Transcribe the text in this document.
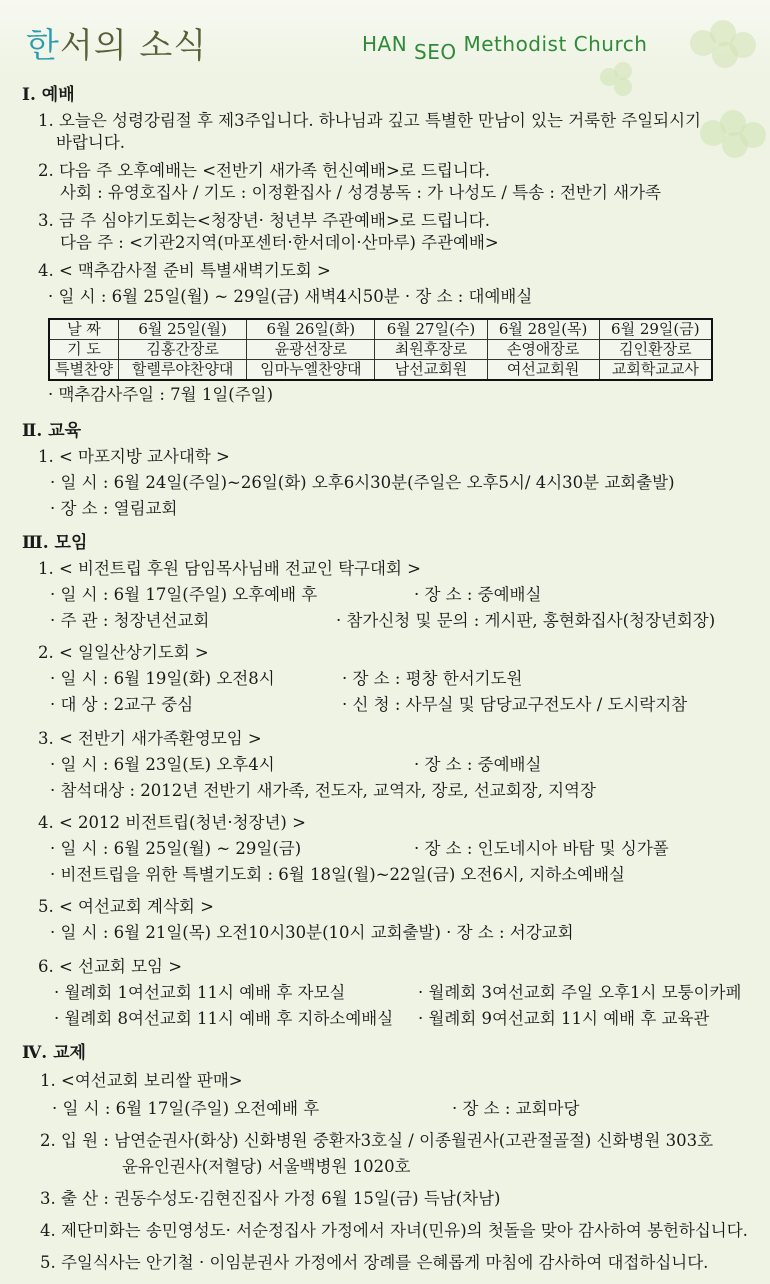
한서의 소식	HAN SEO Methodist Church
Ⅰ. 예배
1. 오늘은 성령강림절 후 제3주입니다. 하나님과 깊고 특별한 만남이 있는 거룩한 주일되시기
바랍니다.
2. 다음 주 오후예배는 <전반기 새가족 헌신예배>로 드립니다.
사회 : 유영호집사 / 기도 : 이정환집사 / 성경봉독 : 가 나성도 / 특송 : 전반기 새가족
3. 금 주 심야기도회는<청장년· 청년부 주관예배>로 드립니다.
다음 주 : <기관2지역(마포센터·한서데이·산마루) 주관예배>
4. < 맥추감사절 준비 특별새벽기도회 >
· 일 시 : 6월 25일(월) ~ 29일(금) 새벽4시50분 · 장 소 : 대예배실
날 짜	6월 25일(월)	6월 26일(화)	6월 27일(수)	6월 28일(목)	6월 29일(금)
기 도	김홍간장로	윤광선장로	최원후장로	손영애장로	김인환장로
특별찬양	할렐루야찬양대	임마누엘찬양대	남선교회원	여선교회원	교회학교교사
· 맥추감사주일 : 7월 1일(주일)
Ⅱ. 교육
1. < 마포지방 교사대학 >
· 일 시 : 6월 24일(주일)~26일(화) 오후6시30분(주일은 오후5시/ 4시30분 교회출발)
· 장 소 : 열림교회
Ⅲ. 모임
1. < 비전트립 후원 담임목사님배 전교인 탁구대회 >
· 일 시 : 6월 17일(주일) 오후예배 후	· 장 소 : 중예배실
· 주 관 : 청장년선교회	· 참가신청 및 문의 : 게시판, 홍현화집사(청장년회장)
2. < 일일산상기도회 >
· 일 시 : 6월 19일(화) 오전8시	· 장 소 : 평창 한서기도원
· 대 상 : 2교구 중심	· 신 청 : 사무실 및 담당교구전도사 / 도시락지참
3. < 전반기 새가족환영모임 >
· 일 시 : 6월 23일(토) 오후4시	· 장 소 : 중예배실
· 참석대상 : 2012년 전반기 새가족, 전도자, 교역자, 장로, 선교회장, 지역장
4. < 2012 비전트립(청년·청장년) >
· 일 시 : 6월 25일(월) ~ 29일(금)	· 장 소 : 인도네시아 바탐 및 싱가폴
· 비전트립을 위한 특별기도회 : 6월 18일(월)~22일(금) 오전6시, 지하소예배실
5. < 여선교회 계삭회 >
· 일 시 : 6월 21일(목) 오전10시30분(10시 교회출발) · 장 소 : 서강교회
6. < 선교회 모임 >
· 월례회 1여선교회 11시 예배 후 자모실	· 월례회 3여선교회 주일 오후1시 모퉁이카페
· 월례회 8여선교회 11시 예배 후 지하소예배실 · 월례회 9여선교회 11시 예배 후 교육관
Ⅳ. 교제
1. <여선교회 보리쌀 판매>
· 일 시 : 6월 17일(주일) 오전예배 후	· 장 소 : 교회마당
2. 입 원 : 남연순권사(화상) 신화병원 중환자3호실 / 이종월권사(고관절골절) 신화병원 303호
윤유인권사(저혈당) 서울백병원 1020호
3. 출 산 : 권동수성도·김현진집사 가정 6월 15일(금) 득남(차남)
4. 제단미화는 송민영성도· 서순정집사 가정에서 자녀(민유)의 첫돌을 맞아 감사하여 봉헌하십니다.
5. 주일식사는 안기철 · 이임분권사 가정에서 장례를 은혜롭게 마침에 감사하여 대접하십니다.
